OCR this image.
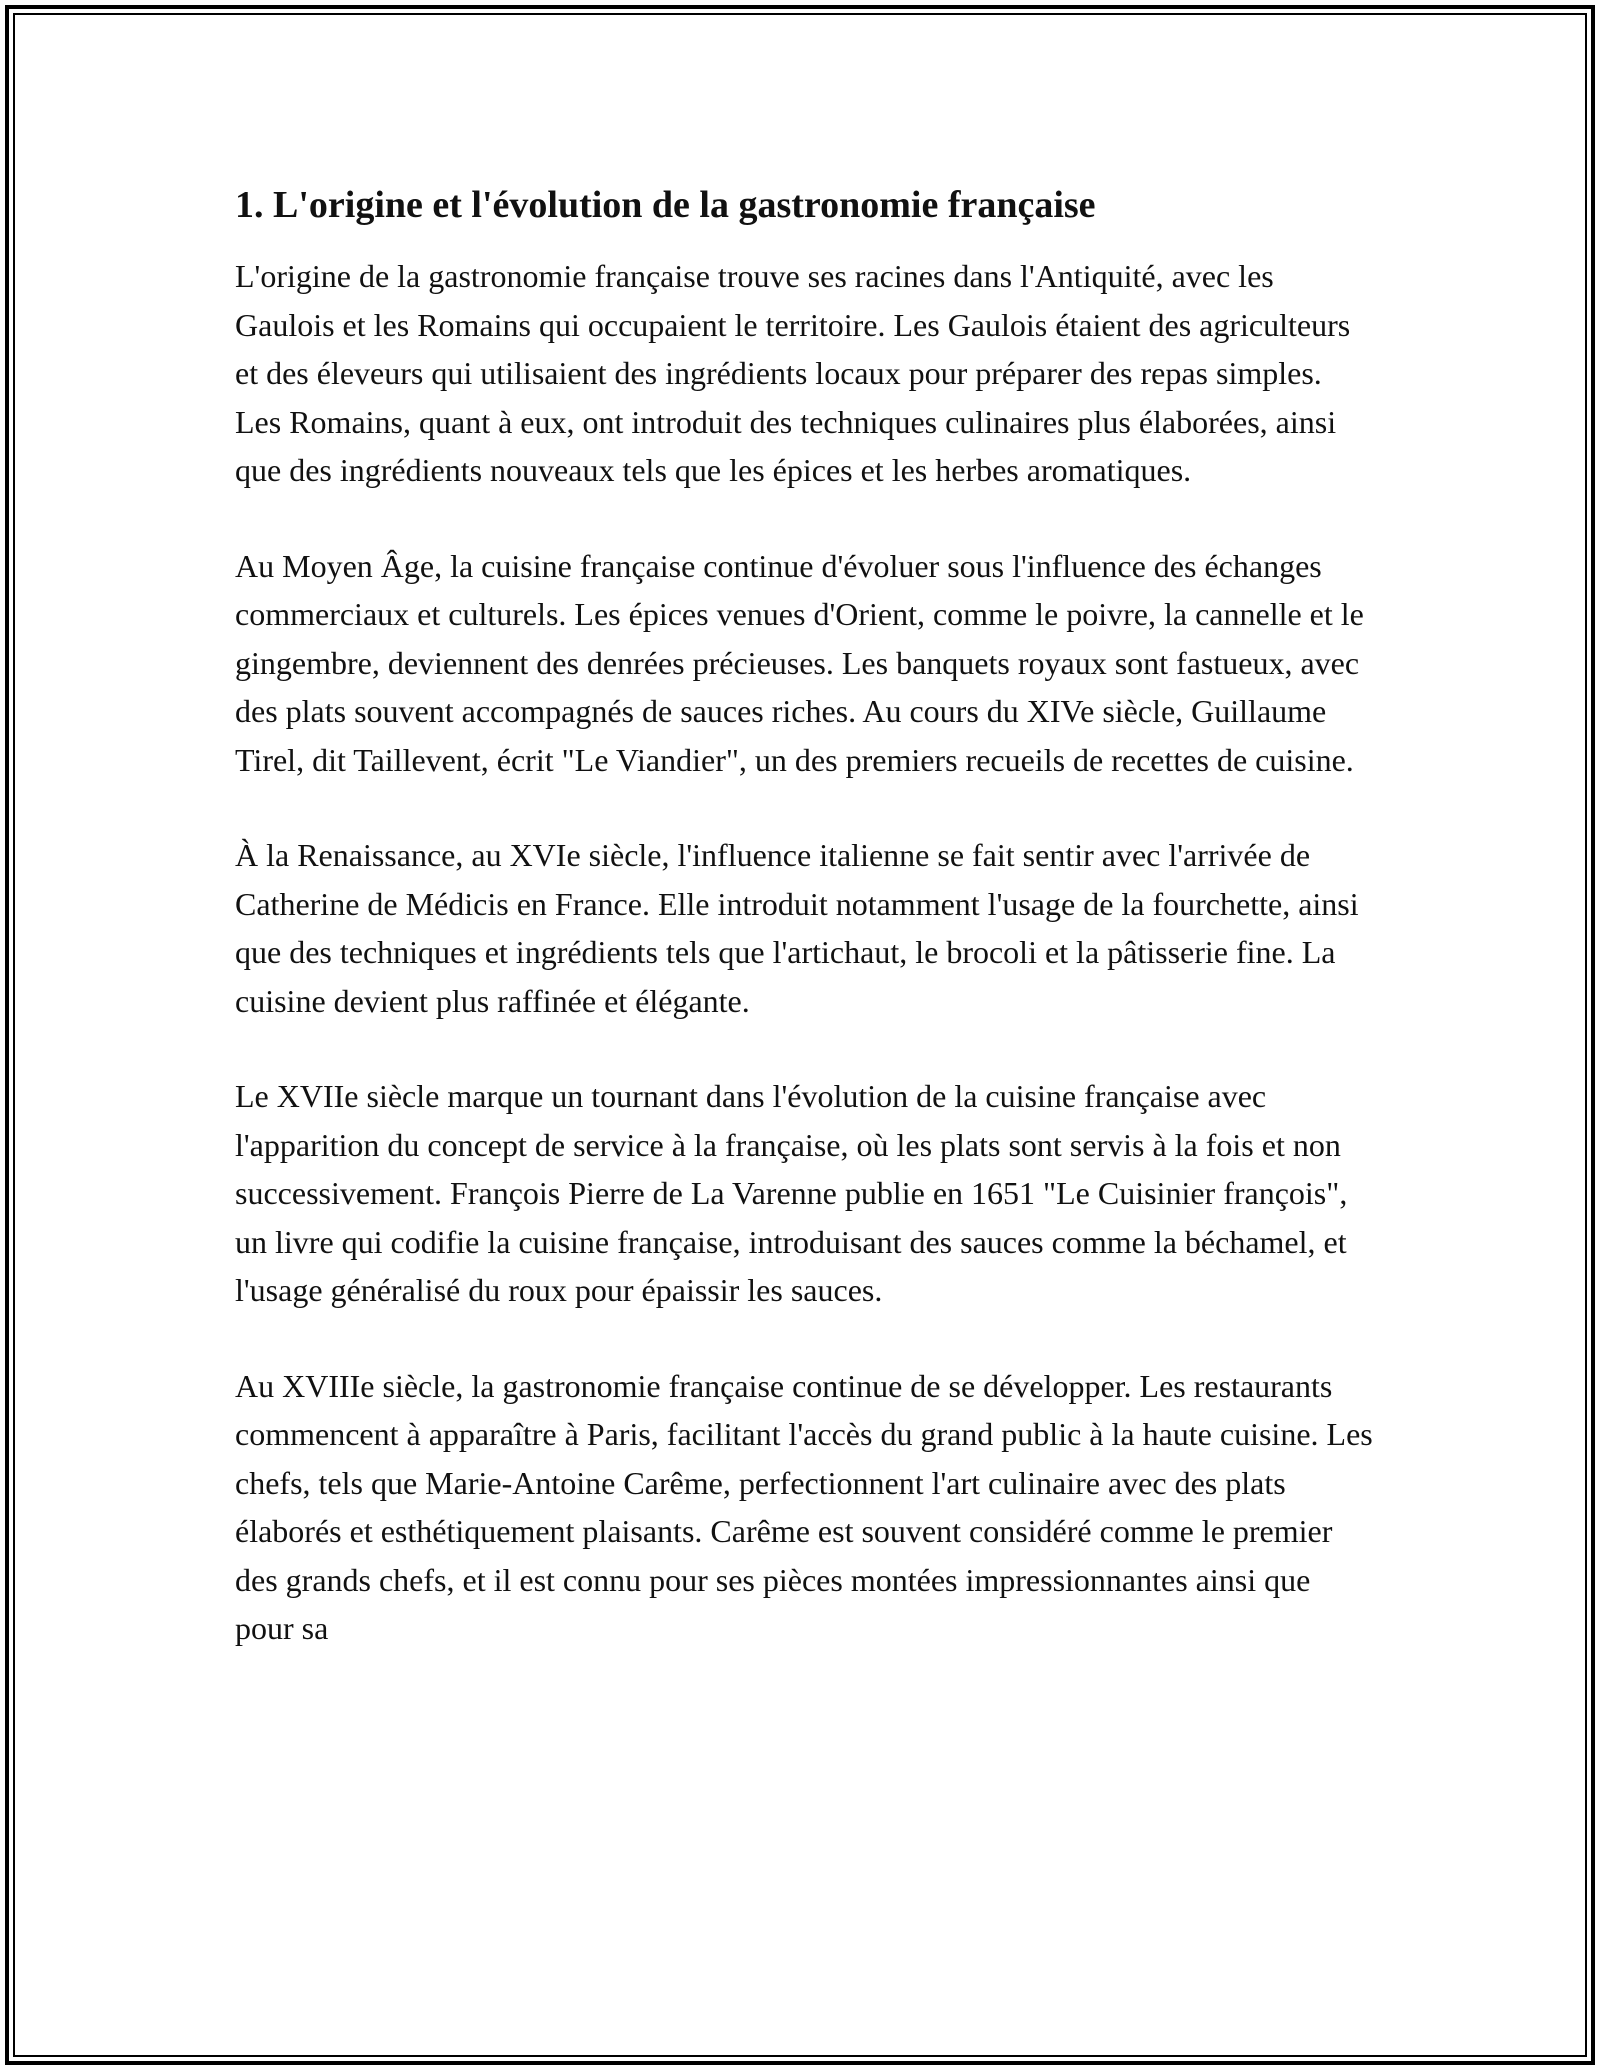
1. L'origine et l'évolution de la gastronomie française

L'origine de la gastronomie française trouve ses racines dans l'Antiquité, avec les Gaulois et les Romains qui occupaient le territoire. Les Gaulois étaient des agriculteurs et des éleveurs qui utilisaient des ingrédients locaux pour préparer des repas simples. Les Romains, quant à eux, ont introduit des techniques culinaires plus élaborées, ainsi que des ingrédients nouveaux tels que les épices et les herbes aromatiques.

Au Moyen Âge, la cuisine française continue d'évoluer sous l'influence des échanges commerciaux et culturels. Les épices venues d'Orient, comme le poivre, la cannelle et le gingembre, deviennent des denrées précieuses. Les banquets royaux sont fastueux, avec des plats souvent accompagnés de sauces riches. Au cours du XIVe siècle, Guillaume Tirel, dit Taillevent, écrit "Le Viandier", un des premiers recueils de recettes de cuisine.

À la Renaissance, au XVIe siècle, l'influence italienne se fait sentir avec l'arrivée de Catherine de Médicis en France. Elle introduit notamment l'usage de la fourchette, ainsi que des techniques et ingrédients tels que l'artichaut, le brocoli et la pâtisserie fine. La cuisine devient plus raffinée et élégante.

Le XVIIe siècle marque un tournant dans l'évolution de la cuisine française avec l'apparition du concept de service à la française, où les plats sont servis à la fois et non successivement. François Pierre de La Varenne publie en 1651 "Le Cuisinier françois", un livre qui codifie la cuisine française, introduisant des sauces comme la béchamel, et l'usage généralisé du roux pour épaissir les sauces.

Au XVIIIe siècle, la gastronomie française continue de se développer. Les restaurants commencent à apparaître à Paris, facilitant l'accès du grand public à la haute cuisine. Les chefs, tels que Marie-Antoine Carême, perfectionnent l'art culinaire avec des plats élaborés et esthétiquement plaisants. Carême est souvent considéré comme le premier des grands chefs, et il est connu pour ses pièces montées impressionnantes ainsi que pour sa
